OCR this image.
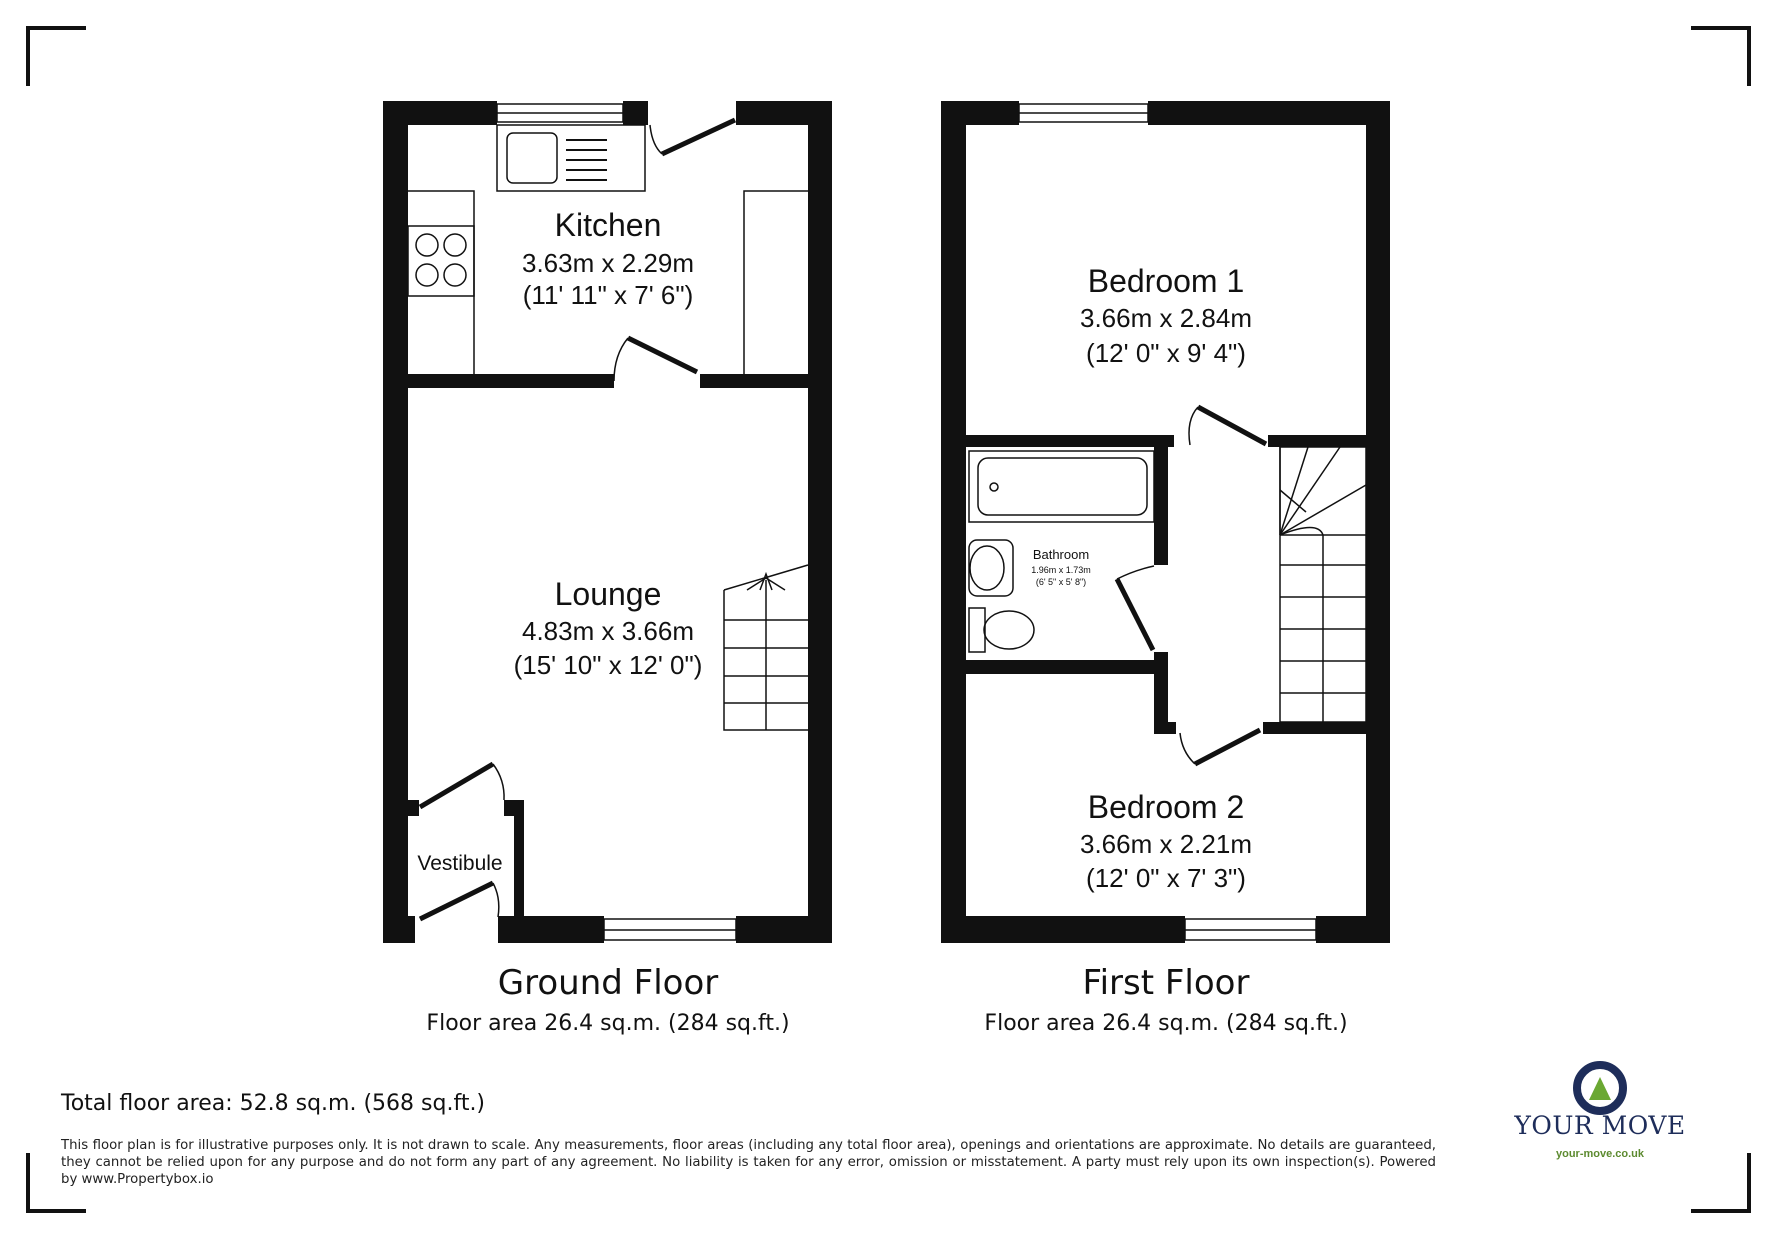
Kitchen
3.63m x 2.29m
(11' 11" x 7' 6")
Lounge
4.83m x 3.66m
(15' 10" x 12' 0")
Vestibule
Bedroom 1
3.66m x 2.84m
(12' 0" x 9' 4")
Bathroom
1.96m x 1.73m
(6' 5" x 5' 8")
Bedroom 2
3.66m x 2.21m
(12' 0" x 7' 3")
Ground Floor
Floor area 26.4 sq.m. (284 sq.ft.)
First Floor
Floor area 26.4 sq.m. (284 sq.ft.)
Total floor area: 52.8 sq.m. (568 sq.ft.)
This floor plan is for illustrative purposes only. It is not drawn to scale. Any measurements, floor areas (including any total floor area), openings and orientations are approximate. No details are guaranteed, they cannot be relied upon for any purpose and do not form any part of any agreement. No liability is taken for any error, omission or misstatement. A party must rely upon its own inspection(s). Powered by www.Propertybox.io
YOUR MOVE
your-move.co.uk
